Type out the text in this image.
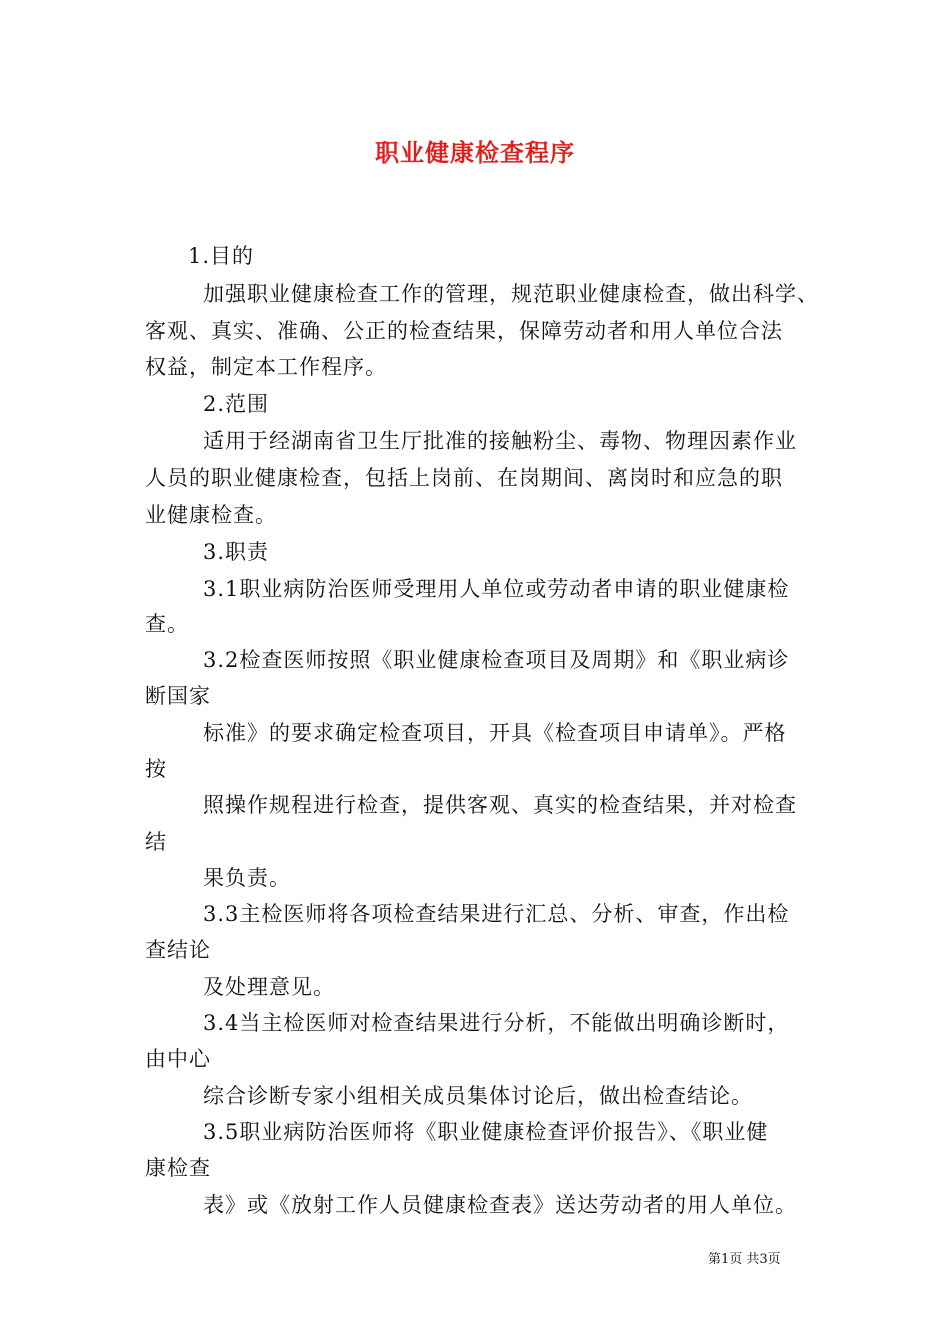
职业健康检查程序
1.目的
加强职业健康检查工作的管理，规范职业健康检查，做出科学、
客观、真实、准确、公正的检查结果，保障劳动者和用人单位合法
权益，制定本工作程序。
2.范围
适用于经湖南省卫生厅批准的接触粉尘、毒物、物理因素作业
人员的职业健康检查，包括上岗前、在岗期间、离岗时和应急的职
业健康检查。
3.职责
3.1职业病防治医师受理用人单位或劳动者申请的职业健康检
查。
3.2检查医师按照《职业健康检查项目及周期》和《职业病诊
断国家
标准》的要求确定检查项目，开具《检查项目申请单》。严格
按
照操作规程进行检查，提供客观、真实的检查结果，并对检查
结
果负责。
3.3主检医师将各项检查结果进行汇总、分析、审查，作出检
查结论
及处理意见。
3.4当主检医师对检查结果进行分析，不能做出明确诊断时，
由中心
综合诊断专家小组相关成员集体讨论后，做出检查结论。
3.5职业病防治医师将《职业健康检查评价报告》、《职业健
康检查
表》或《放射工作人员健康检查表》送达劳动者的用人单位。
第1页 共3页
